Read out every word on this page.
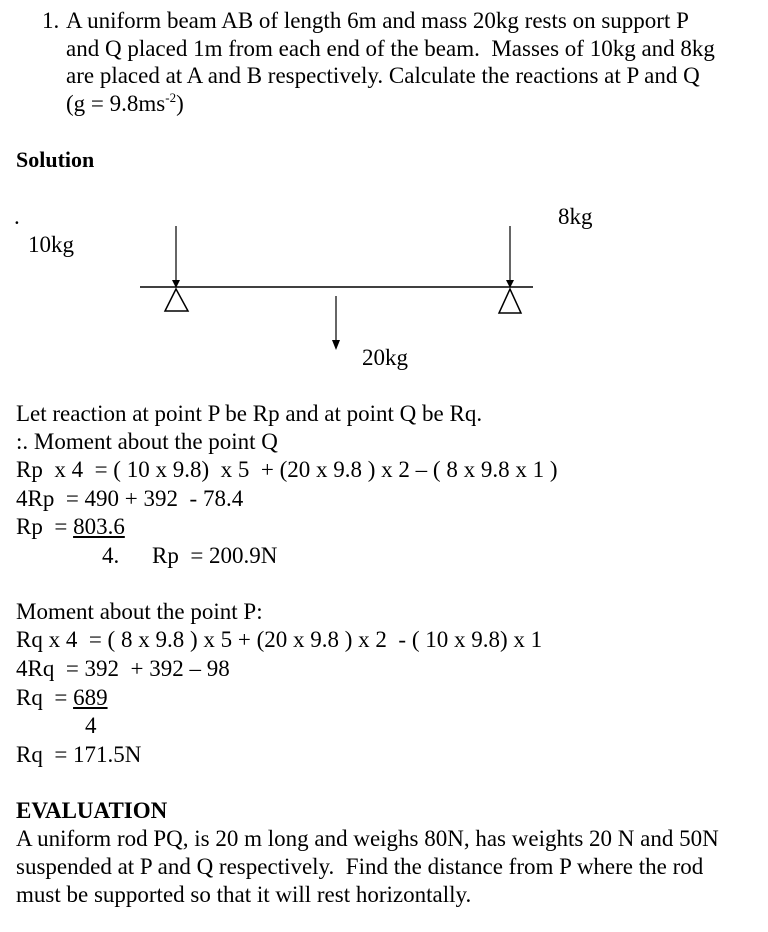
1. A uniform beam AB of length 6m and mass 20kg rests on support P
and Q placed 1m from each end of the beam.  Masses of 10kg and 8kg
are placed at A and B respectively. Calculate the reactions at P and Q
$(g = 9.8ms^{-2})$
Solution
.
10kg
8kg
20kg
Let reaction at point P be Rp and at point Q be Rq.
:. Moment about the point Q
Rp  x 4  = ( 10 x 9.8)  x 5  + (20 x 9.8 ) x 2 – ( 8 x 9.8 x 1 )
4Rp  = 490 + 392  - 78.4
Rp  = 803.6
4. Rp  = 200.9N
Moment about the point P:
Rq x 4  = ( 8 x 9.8 ) x 5 + (20 x 9.8 ) x 2  - ( 10 x 9.8) x 1
4Rq  = 392  + 392 – 98
Rq  = 689
4
Rq  = 171.5N
EVALUATION
A uniform rod PQ, is 20 m long and weighs 80N, has weights 20 N and 50N
suspended at P and Q respectively.  Find the distance from P where the rod
must be supported so that it will rest horizontally.
